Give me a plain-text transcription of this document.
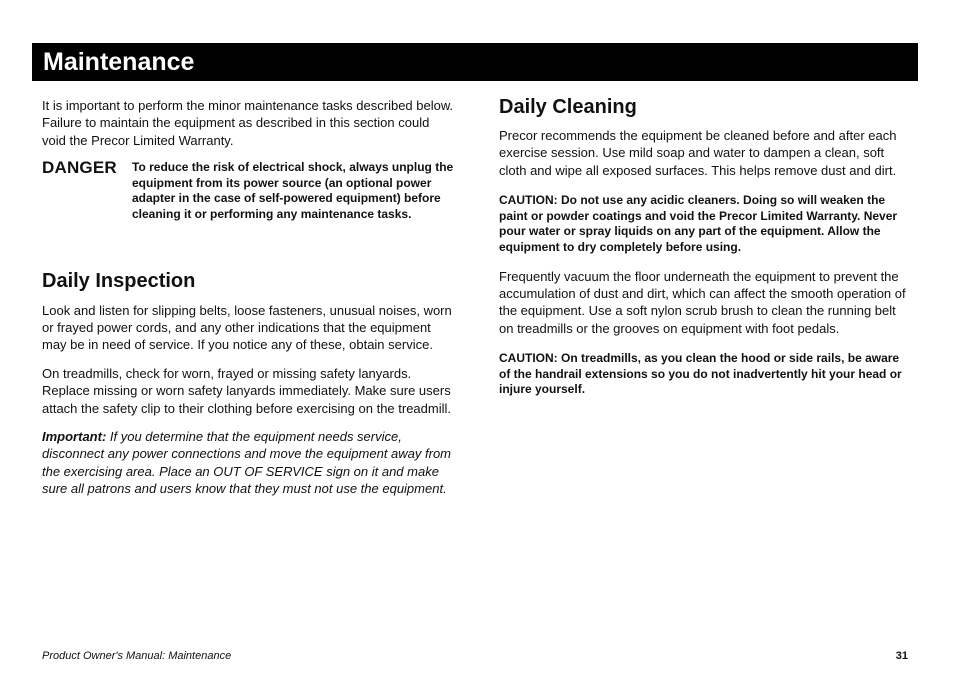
Maintenance

It is important to perform the minor maintenance tasks described below. Failure to maintain the equipment as described in this section could void the Precor Limited Warranty.

DANGER	To reduce the risk of electrical shock, always unplug the equipment from its power source (an optional power adapter in the case of self-powered equipment) before cleaning it or performing any maintenance tasks.
Daily Inspection

Look and listen for slipping belts, loose fasteners, unusual noises, worn or frayed power cords, and any other indications that the equipment may be in need of service. If you notice any of these, obtain service.

On treadmills, check for worn, frayed or missing safety lanyards. Replace missing or worn safety lanyards immediately. Make sure users attach the safety clip to their clothing before exercising on the treadmill.

Important: If you determine that the equipment needs service, disconnect any power connections and move the equipment away from the exercising area. Place an OUT OF SERVICE sign on it and make sure all patrons and users know that they must not use the equipment.

Daily Cleaning

Precor recommends the equipment be cleaned before and after each exercise session. Use mild soap and water to dampen a clean, soft cloth and wipe all exposed surfaces. This helps remove dust and dirt.

CAUTION: Do not use any acidic cleaners. Doing so will weaken the paint or powder coatings and void the Precor Limited Warranty. Never pour water or spray liquids on any part of the equipment. Allow the equipment to dry completely before using.

Frequently vacuum the floor underneath the equipment to prevent the accumulation of dust and dirt, which can affect the smooth operation of the equipment. Use a soft nylon scrub brush to clean the running belt on treadmills or the grooves on equipment with foot pedals.

CAUTION: On treadmills, as you clean the hood or side rails, be aware of the handrail extensions so you do not inadvertently hit your head or injure yourself.

Product Owner's Manual: Maintenance	31
